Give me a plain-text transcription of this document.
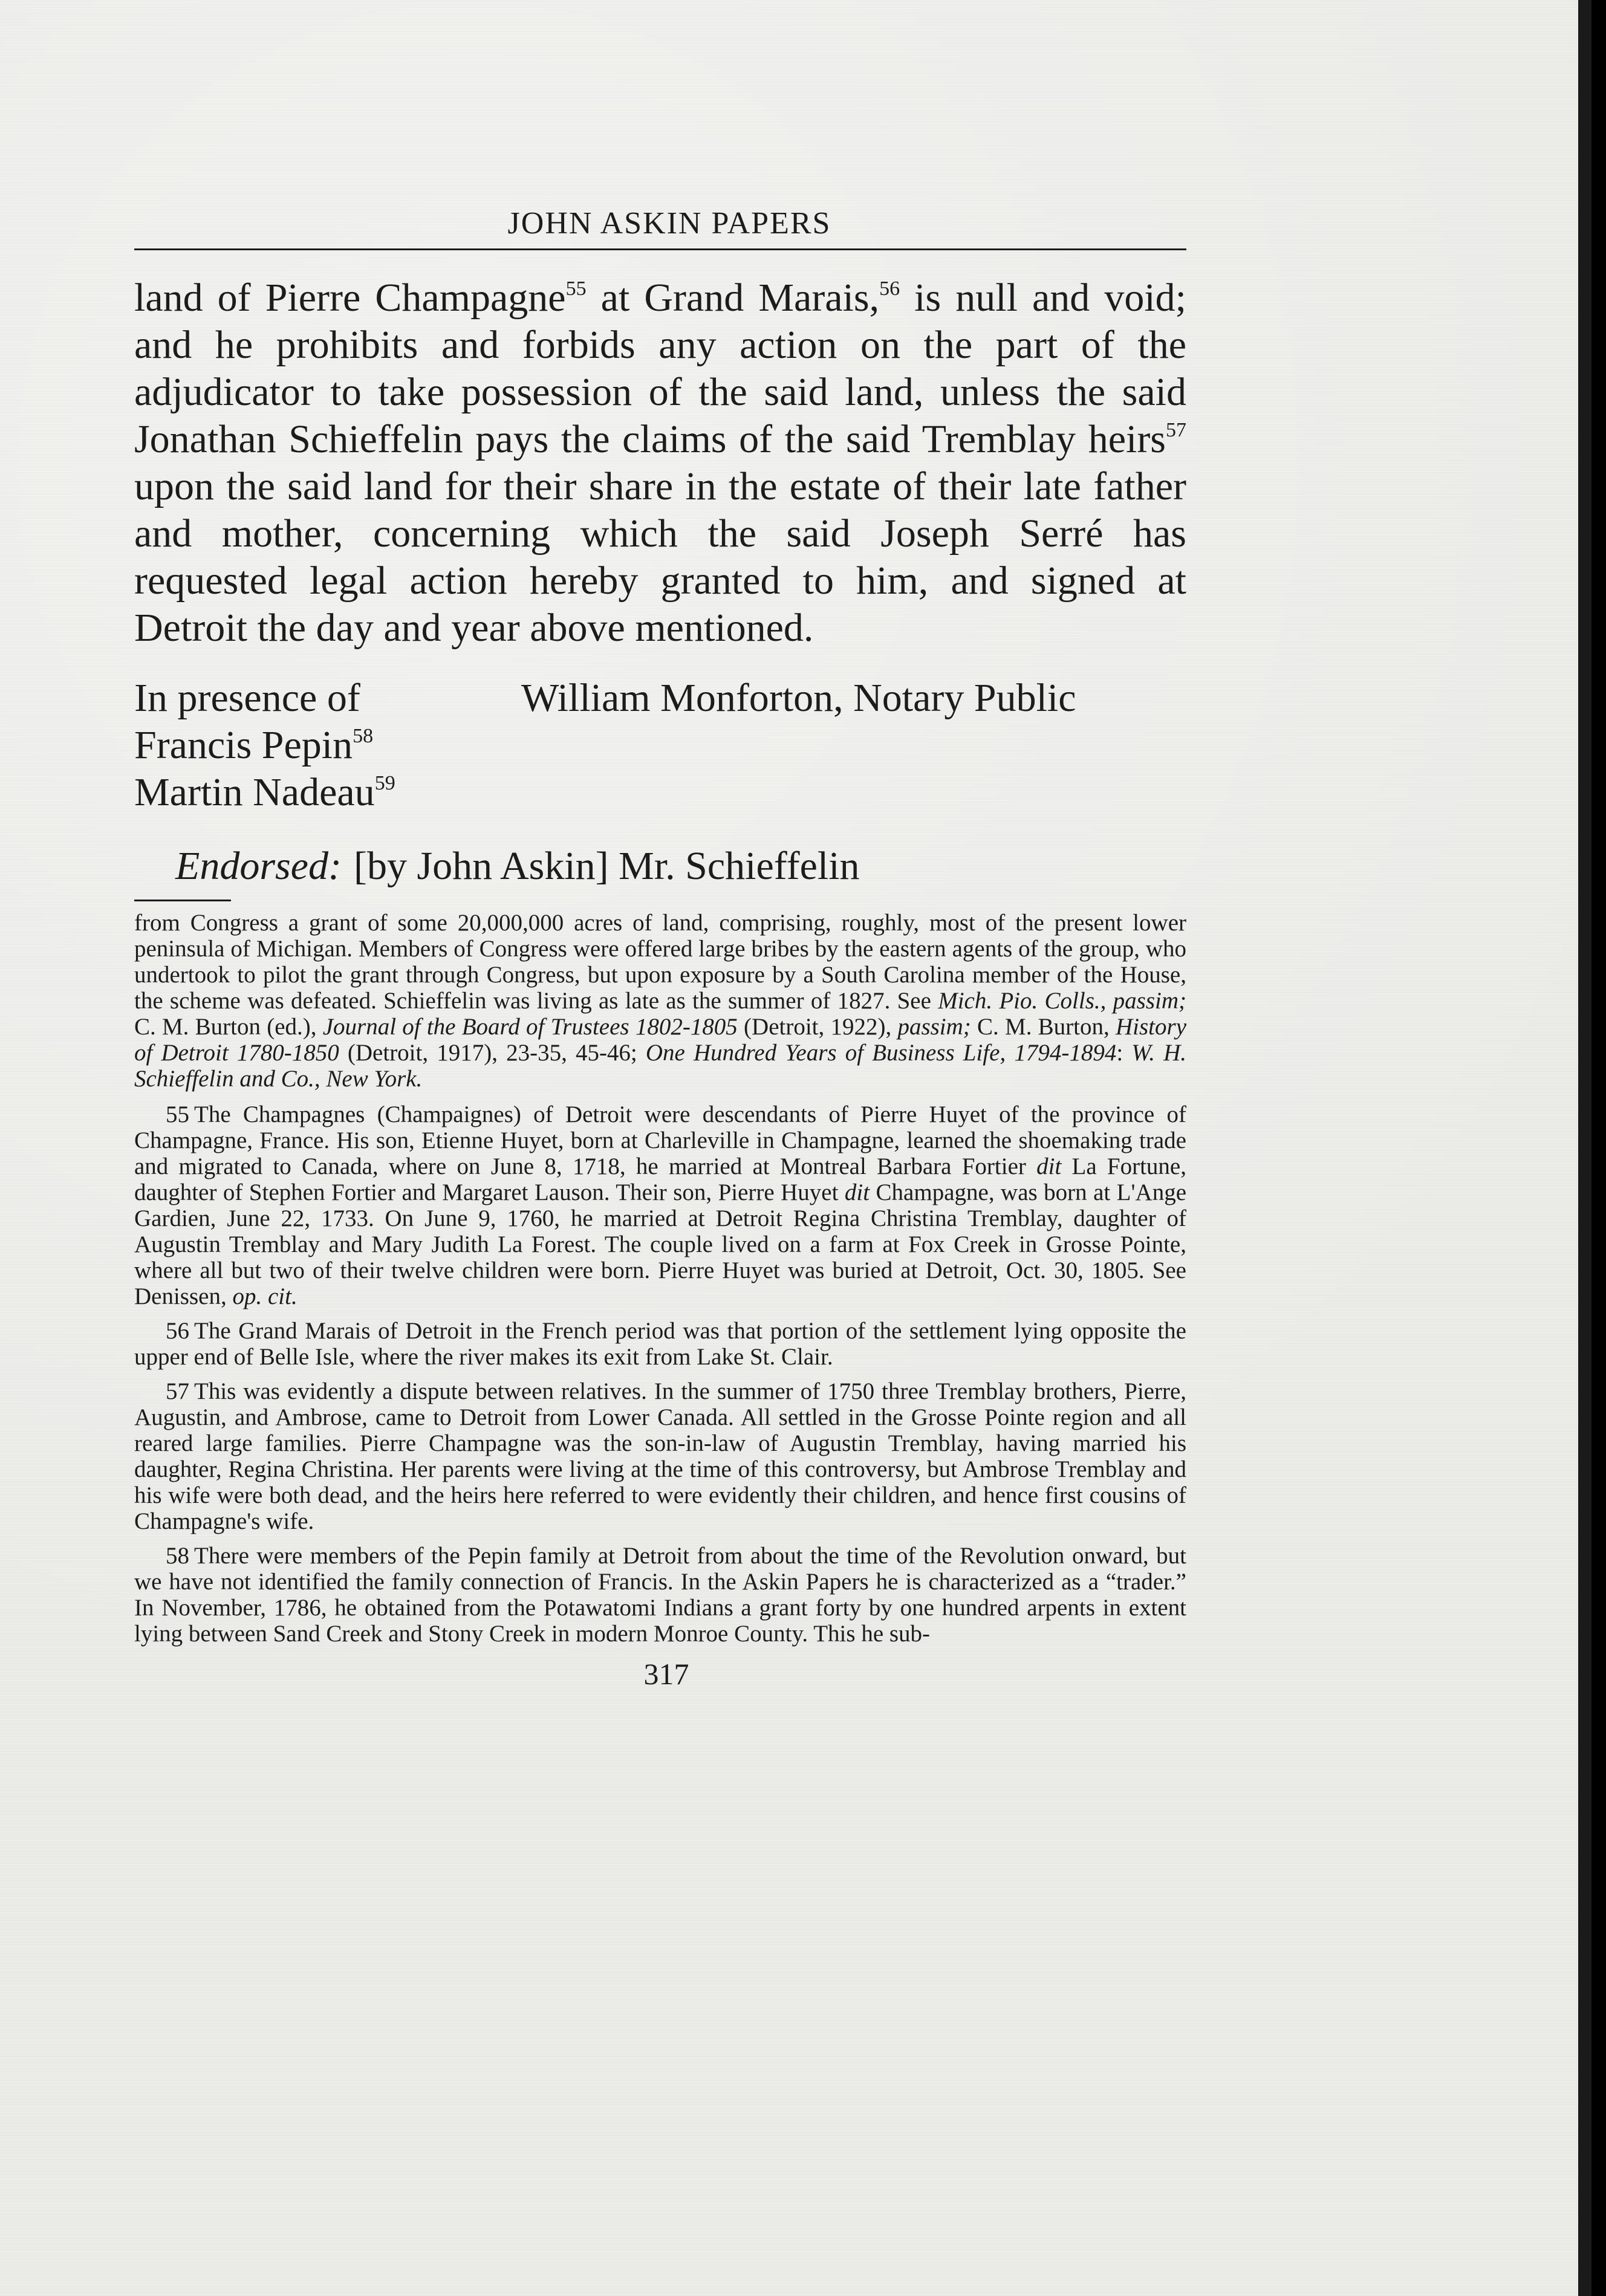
JOHN ASKIN PAPERS

land of Pierre Champagne$^{55}$ at Grand Marais,$^{56}$ is null and void; and he prohibits and forbids any action on the part of the adjudicator to take possession of the said land, unless the said Jonathan Schieffelin pays the claims of the said Tremblay heirs$^{57}$ upon the said land for their share in the estate of their late father and mother, concerning which the said Joseph Serré has requested legal action hereby granted to him, and signed at Detroit the day and year above mentioned.

In presence of	William Monforton, Notary Public
Francis Pepin$^{58}$
Martin Nadeau$^{59}$
Endorsed: [by John Askin] Mr. Schieffelin

from Congress a grant of some 20,000,000 acres of land, comprising, roughly, most of the present lower peninsula of Michigan. Members of Congress were offered large bribes by the eastern agents of the group, who undertook to pilot the grant through Congress, but upon exposure by a South Carolina member of the House, the scheme was defeated. Schieffelin was living as late as the summer of 1827. See Mich. Pio. Colls., passim; C. M. Burton (ed.), Journal of the Board of Trustees 1802-1805 (Detroit, 1922), passim; C. M. Burton, History of Detroit 1780-1850 (Detroit, 1917), 23-35, 45-46; One Hundred Years of Business Life, 1794-1894: W. H. Schieffelin and Co., New York.

55 The Champagnes (Champaignes) of Detroit were descendants of Pierre Huyet of the province of Champagne, France. His son, Etienne Huyet, born at Charleville in Champagne, learned the shoemaking trade and migrated to Canada, where on June 8, 1718, he married at Montreal Barbara Fortier dit La Fortune, daughter of Stephen Fortier and Margaret Lauson. Their son, Pierre Huyet dit Champagne, was born at L'Ange Gardien, June 22, 1733. On June 9, 1760, he married at Detroit Regina Christina Tremblay, daughter of Augustin Tremblay and Mary Judith La Forest. The couple lived on a farm at Fox Creek in Grosse Pointe, where all but two of their twelve children were born. Pierre Huyet was buried at Detroit, Oct. 30, 1805. See Denissen, op. cit.

56 The Grand Marais of Detroit in the French period was that portion of the settlement lying opposite the upper end of Belle Isle, where the river makes its exit from Lake St. Clair.

57 This was evidently a dispute between relatives. In the summer of 1750 three Tremblay brothers, Pierre, Augustin, and Ambrose, came to Detroit from Lower Canada. All settled in the Grosse Pointe region and all reared large families. Pierre Champagne was the son-in-law of Augustin Tremblay, having married his daughter, Regina Christina. Her parents were living at the time of this controversy, but Ambrose Tremblay and his wife were both dead, and the heirs here referred to were evidently their children, and hence first cousins of Champagne's wife.

58 There were members of the Pepin family at Detroit from about the time of the Revolution onward, but we have not identified the family connection of Francis. In the Askin Papers he is characterized as a “trader.” In November, 1786, he obtained from the Potawatomi Indians a grant forty by one hundred arpents in extent lying between Sand Creek and Stony Creek in modern Monroe County. This he sub-

317
